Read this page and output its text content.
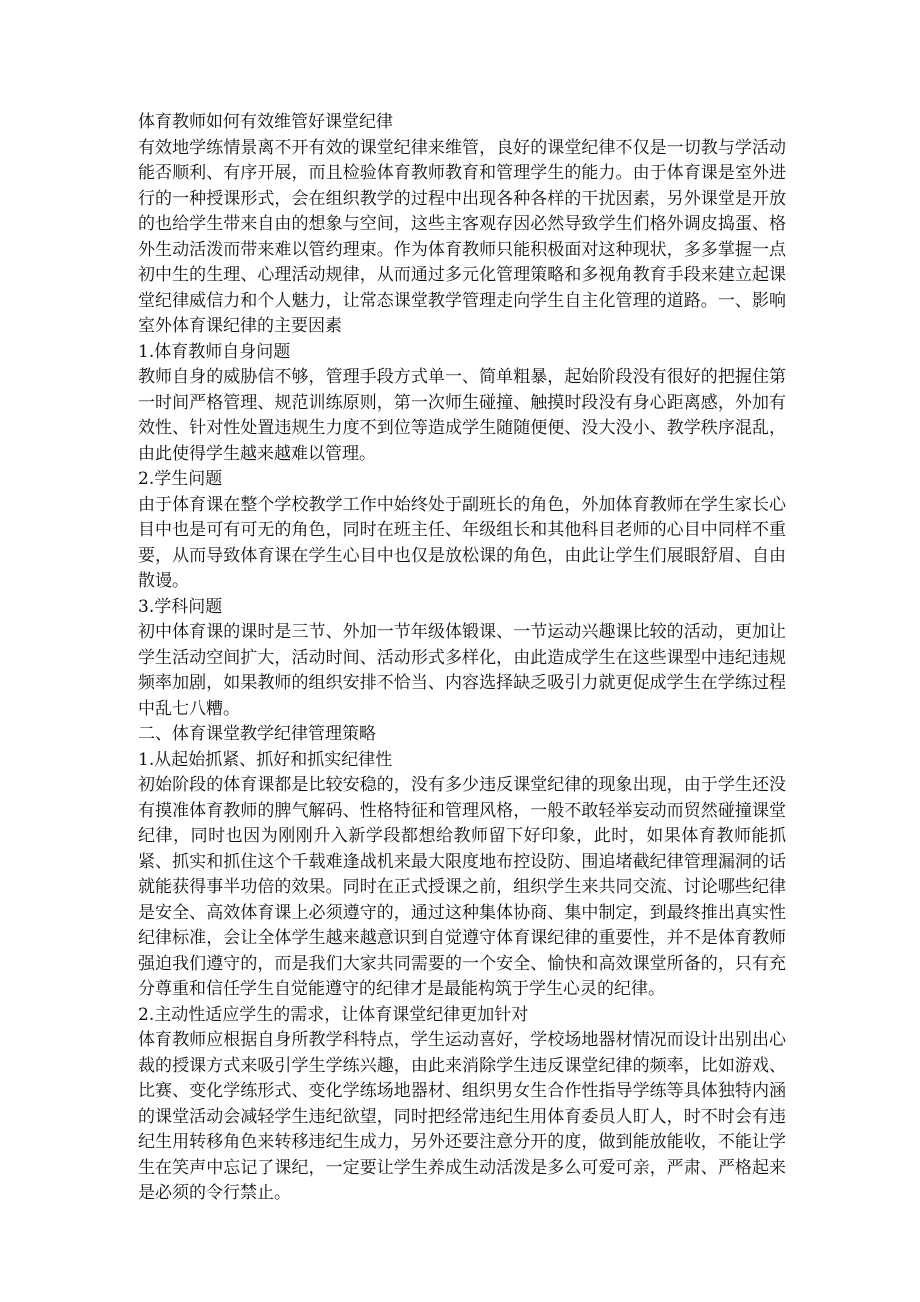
体育教师如何有效维管好课堂纪律

有效地学练情景离不开有效的课堂纪律来维管，良好的课堂纪律不仅是一切教与学活动能否顺利、有序开展，而且检验体育教师教育和管理学生的能力。由于体育课是室外进行的一种授课形式，会在组织教学的过程中出现各种各样的干扰因素，另外课堂是开放的也给学生带来自由的想象与空间，这些主客观存因必然导致学生们格外调皮捣蛋、格外生动活泼而带来难以管约理束。作为体育教师只能积极面对这种现状，多多掌握一点初中生的生理、心理活动规律，从而通过多元化管理策略和多视角教育手段来建立起课堂纪律威信力和个人魅力，让常态课堂教学管理走向学生自主化管理的道路。一、影响室外体育课纪律的主要因素

1.体育教师自身问题

教师自身的威胁信不够，管理手段方式单一、简单粗暴，起始阶段没有很好的把握住第一时间严格管理、规范训练原则，第一次师生碰撞、触摸时段没有身心距离感，外加有效性、针对性处置违规生力度不到位等造成学生随随便便、没大没小、教学秩序混乱，由此使得学生越来越难以管理。

2.学生问题

由于体育课在整个学校教学工作中始终处于副班长的角色，外加体育教师在学生家长心目中也是可有可无的角色，同时在班主任、年级组长和其他科目老师的心目中同样不重要，从而导致体育课在学生心目中也仅是放松课的角色，由此让学生们展眼舒眉、自由散谩。

3.学科问题

初中体育课的课时是三节、外加一节年级体锻课、一节运动兴趣课比较的活动，更加让学生活动空间扩大，活动时间、活动形式多样化，由此造成学生在这些课型中违纪违规频率加剧，如果教师的组织安排不恰当、内容选择缺乏吸引力就更促成学生在学练过程中乱七八糟。

二、体育课堂教学纪律管理策略

1.从起始抓紧、抓好和抓实纪律性

初始阶段的体育课都是比较安稳的，没有多少违反课堂纪律的现象出现，由于学生还没有摸准体育教师的脾气解码、性格特征和管理风格，一般不敢轻举妄动而贸然碰撞课堂纪律，同时也因为刚刚升入新学段都想给教师留下好印象，此时，如果体育教师能抓紧、抓实和抓住这个千载难逢战机来最大限度地布控设防、围追堵截纪律管理漏洞的话就能获得事半功倍的效果。同时在正式授课之前，组织学生来共同交流、讨论哪些纪律是安全、高效体育课上必须遵守的，通过这种集体协商、集中制定，到最终推出真实性纪律标准，会让全体学生越来越意识到自觉遵守体育课纪律的重要性，并不是体育教师强迫我们遵守的，而是我们大家共同需要的一个安全、愉快和高效课堂所备的，只有充分尊重和信任学生自觉能遵守的纪律才是最能构筑于学生心灵的纪律。

2.主动性适应学生的需求，让体育课堂纪律更加针对

体育教师应根据自身所教学科特点，学生运动喜好，学校场地器材情况而设计出别出心裁的授课方式来吸引学生学练兴趣，由此来消除学生违反课堂纪律的频率，比如游戏、比赛、变化学练形式、变化学练场地器材、组织男女生合作性指导学练等具体独特内涵的课堂活动会减轻学生违纪欲望，同时把经常违纪生用体育委员人盯人，时不时会有违纪生用转移角色来转移违纪生成力，另外还要注意分开的度，做到能放能收，不能让学生在笑声中忘记了课纪，一定要让学生养成生动活泼是多么可爱可亲，严肃、严格起来是必须的令行禁止。
